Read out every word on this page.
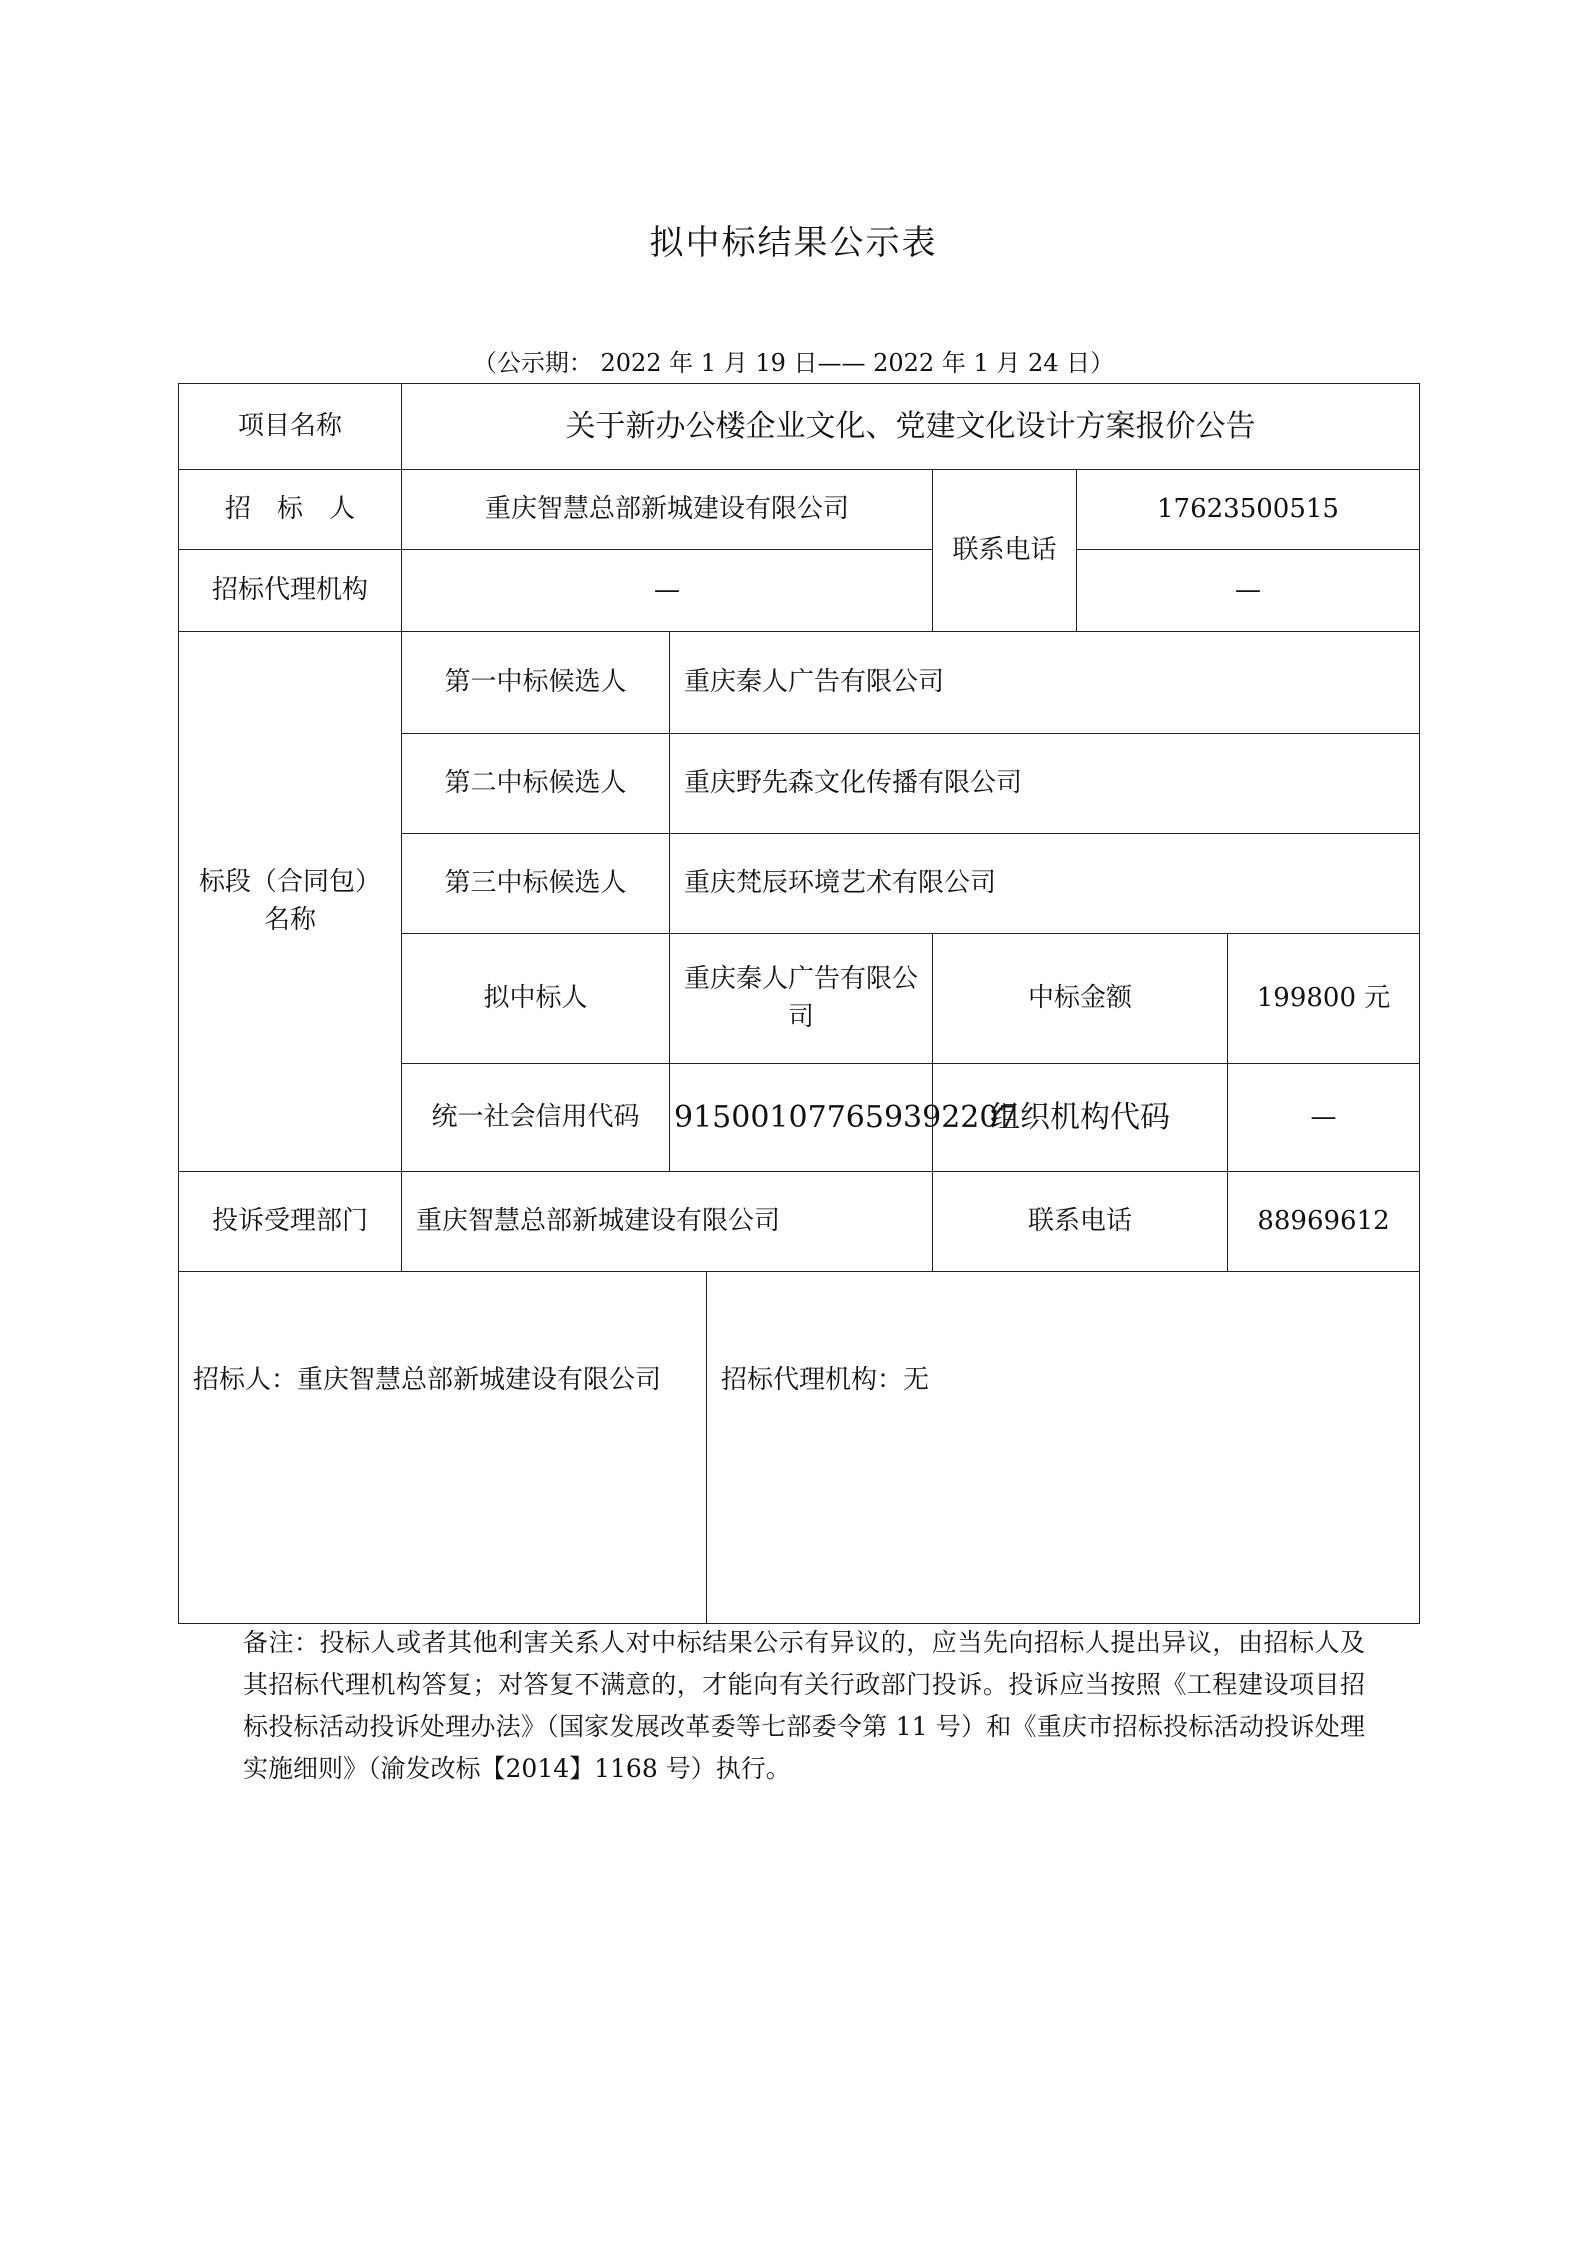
拟中标结果公示表
（公示期： 2022 年 1 月 19 日—— 2022 年 1 月 24 日）
项目名称	关于新办公楼企业文化、党建文化设计方案报价公告					
招　标　人	重庆智慧总部新城建设有限公司			联系电话	17623500515	
招标代理机构	—				—	
标段（合同包）名称	第一中标候选人	重庆秦人广告有限公司				
	第二中标候选人	重庆野先森文化传播有限公司				
	第三中标候选人	重庆梵辰环境艺术有限公司				
	拟中标人	重庆秦人广告有限公司		中标金额		199800 元
	统一社会信用代码	915001077659392207		组织机构代码		—
投诉受理部门	重庆智慧总部新城建设有限公司			联系电话		88969612
招标人：重庆智慧总部新城建设有限公司			招标代理机构：无			
备注：投标人或者其他利害关系人对中标结果公示有异议的，应当先向招标人提出异议，由招标人及其招标代理机构答复；对答复不满意的，才能向有关行政部门投诉。投诉应当按照《工程建设项目招标投标活动投诉处理办法》（国家发展改革委等七部委令第 11 号）和《重庆市招标投标活动投诉处理实施细则》（渝发改标【2014】1168 号）执行。
